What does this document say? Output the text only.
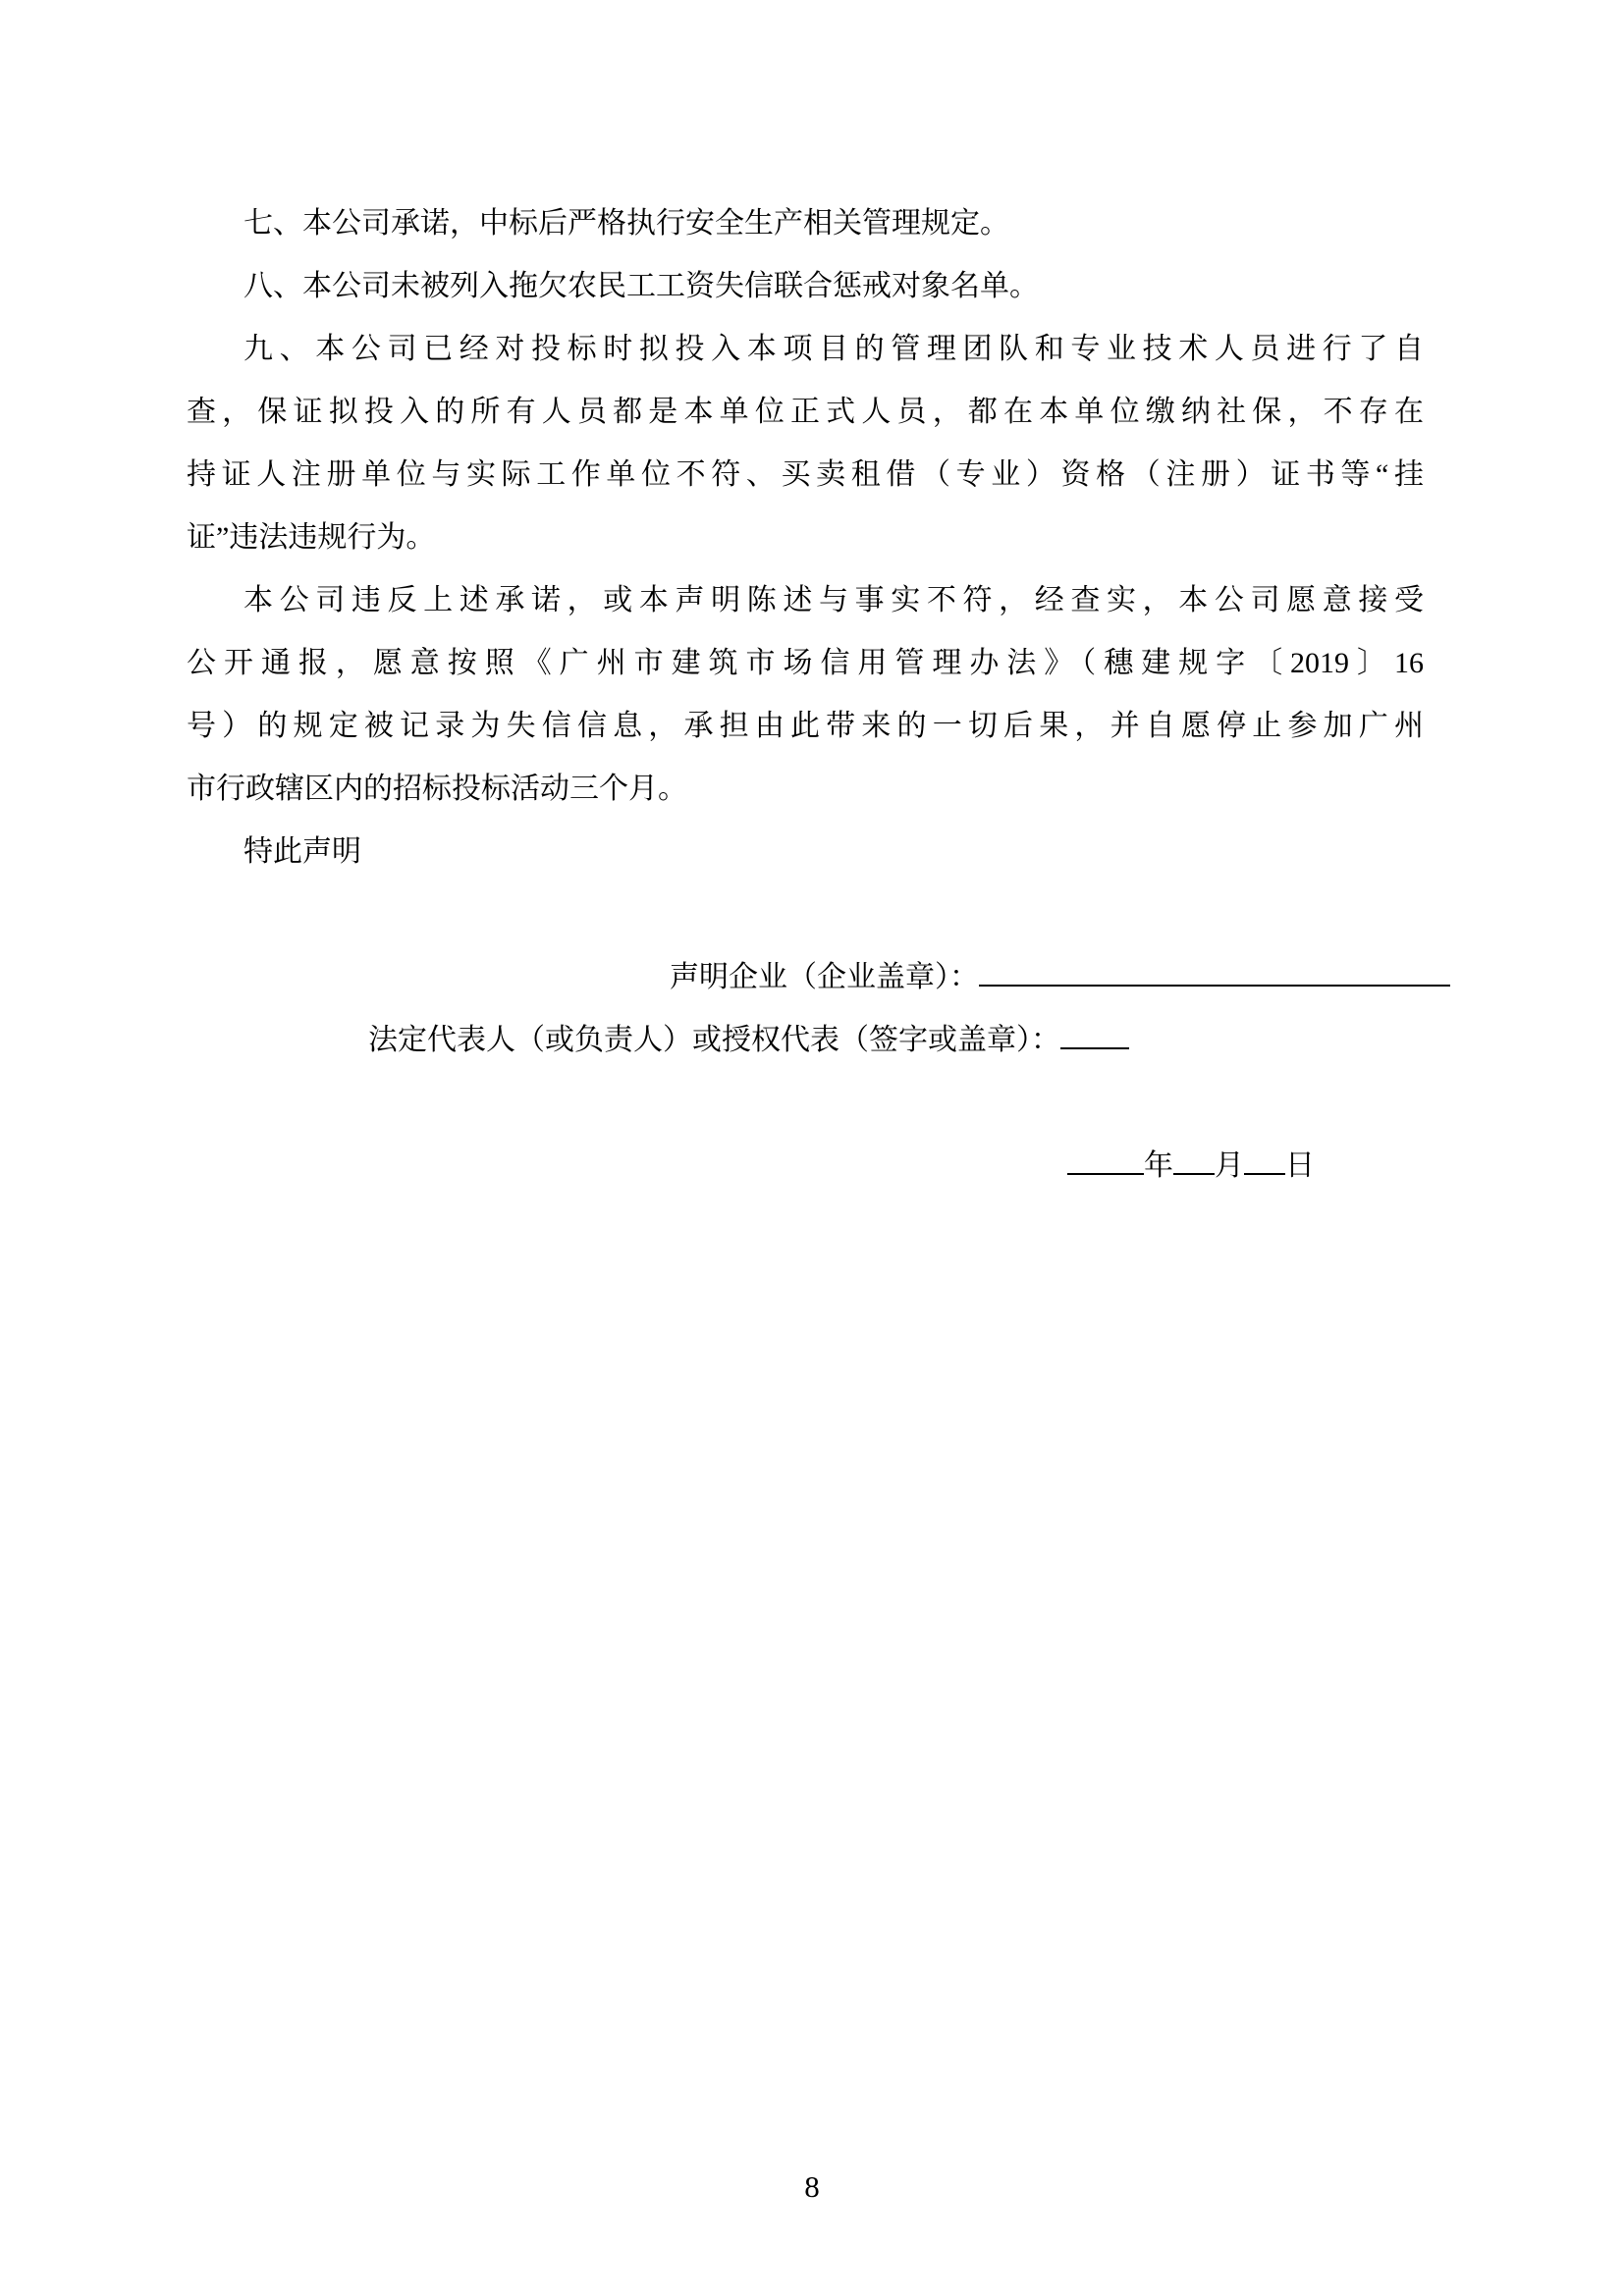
七、本公司承诺，中标后严格执行安全生产相关管理规定。
八、本公司未被列入拖欠农民工工资失信联合惩戒对象名单。
九、本公司已经对投标时拟投入本项目的管理团队和专业技术人员进行了自
查，保证拟投入的所有人员都是本单位正式人员，都在本单位缴纳社保，不存在
持证人注册单位与实际工作单位不符、买卖租借（专业）资格（注册）证书等“挂
证”违法违规行为。
本公司违反上述承诺，或本声明陈述与事实不符，经查实，本公司愿意接受
公开通报，愿意按照《广州市建筑市场信用管理办法》（穗建规字〔2019〕16
号）的规定被记录为失信信息，承担由此带来的一切后果，并自愿停止参加广州
市行政辖区内的招标投标活动三个月。
特此声明
声明企业（企业盖章）：
法定代表人（或负责人）或授权代表（签字或盖章）：
年 月 日
8
